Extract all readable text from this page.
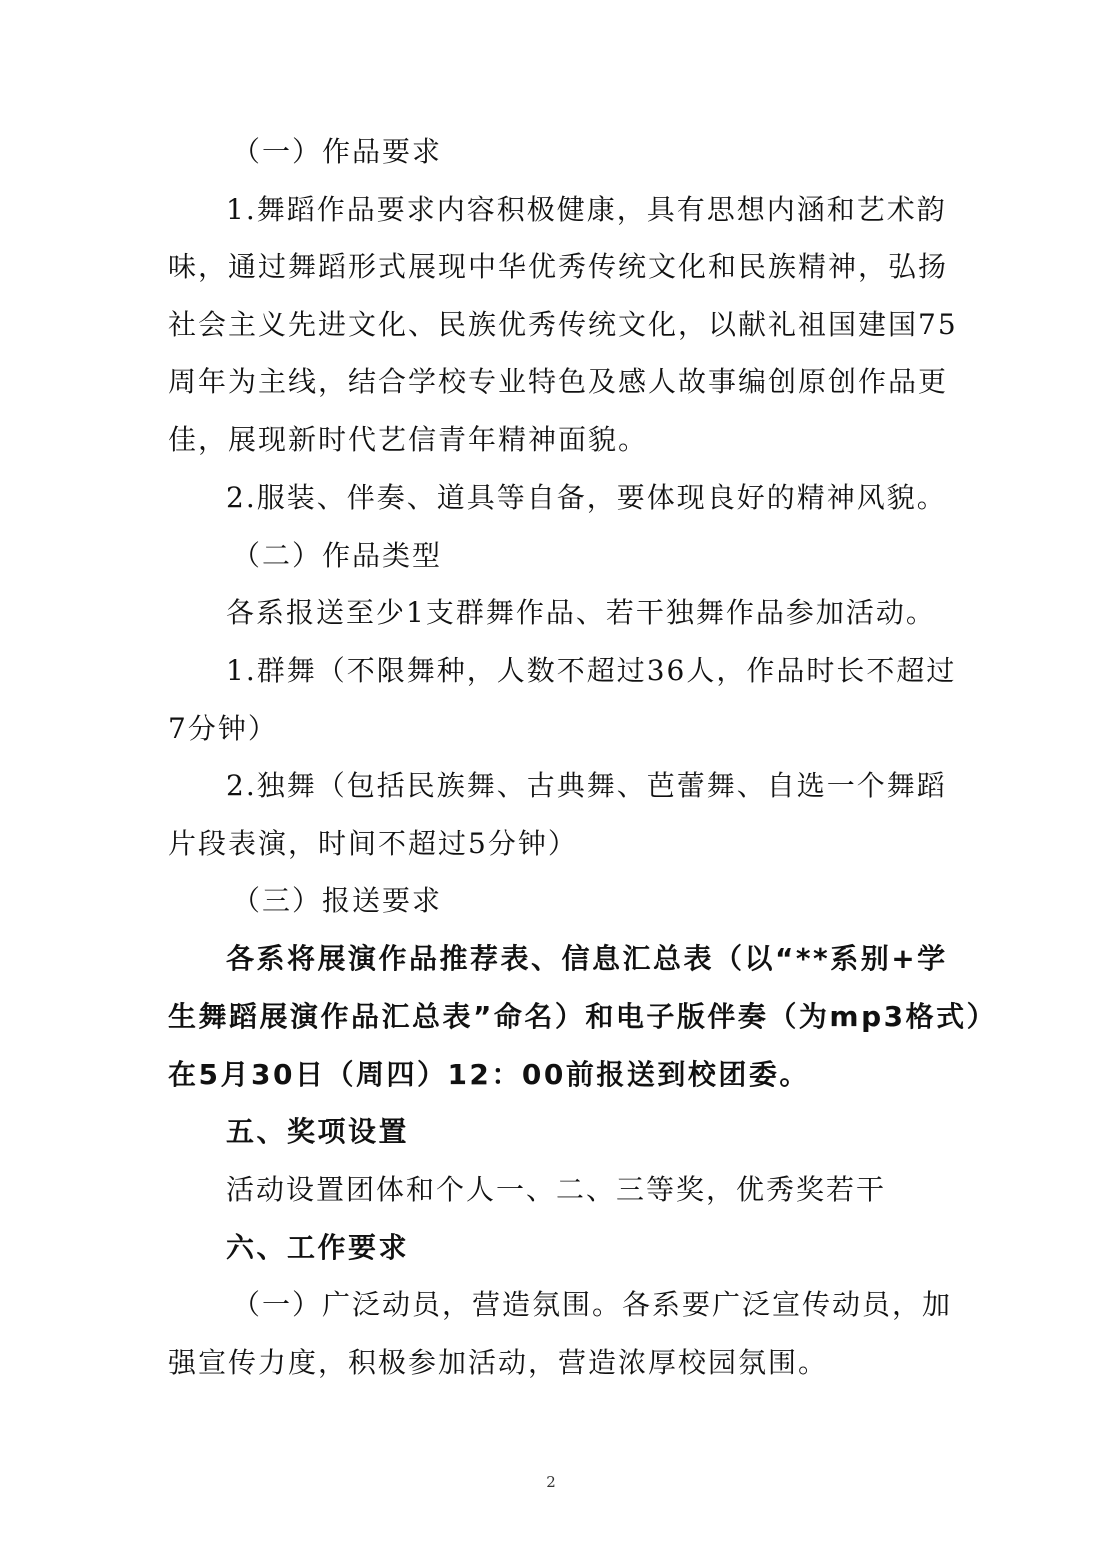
（一）作品要求
1.舞蹈作品要求内容积极健康，具有思想内涵和艺术韵
味，通过舞蹈形式展现中华优秀传统文化和民族精神，弘扬
社会主义先进文化、民族优秀传统文化，以献礼祖国建国75
周年为主线，结合学校专业特色及感人故事编创原创作品更
佳，展现新时代艺信青年精神面貌。
2.服装、伴奏、道具等自备，要体现良好的精神风貌。
（二）作品类型
各系报送至少1支群舞作品、若干独舞作品参加活动。
1.群舞（不限舞种，人数不超过36人，作品时长不超过
7分钟）
2.独舞（包括民族舞、古典舞、芭蕾舞、自选一个舞蹈
片段表演，时间不超过5分钟）
（三）报送要求
各系将展演作品推荐表、信息汇总表（以“**系别+学
生舞蹈展演作品汇总表”命名）和电子版伴奏（为mp3格式）
在5月30日（周四）12：00前报送到校团委。
五、奖项设置
活动设置团体和个人一、二、三等奖，优秀奖若干
六、工作要求
（一）广泛动员，营造氛围。各系要广泛宣传动员，加
强宣传力度，积极参加活动，营造浓厚校园氛围。
2
